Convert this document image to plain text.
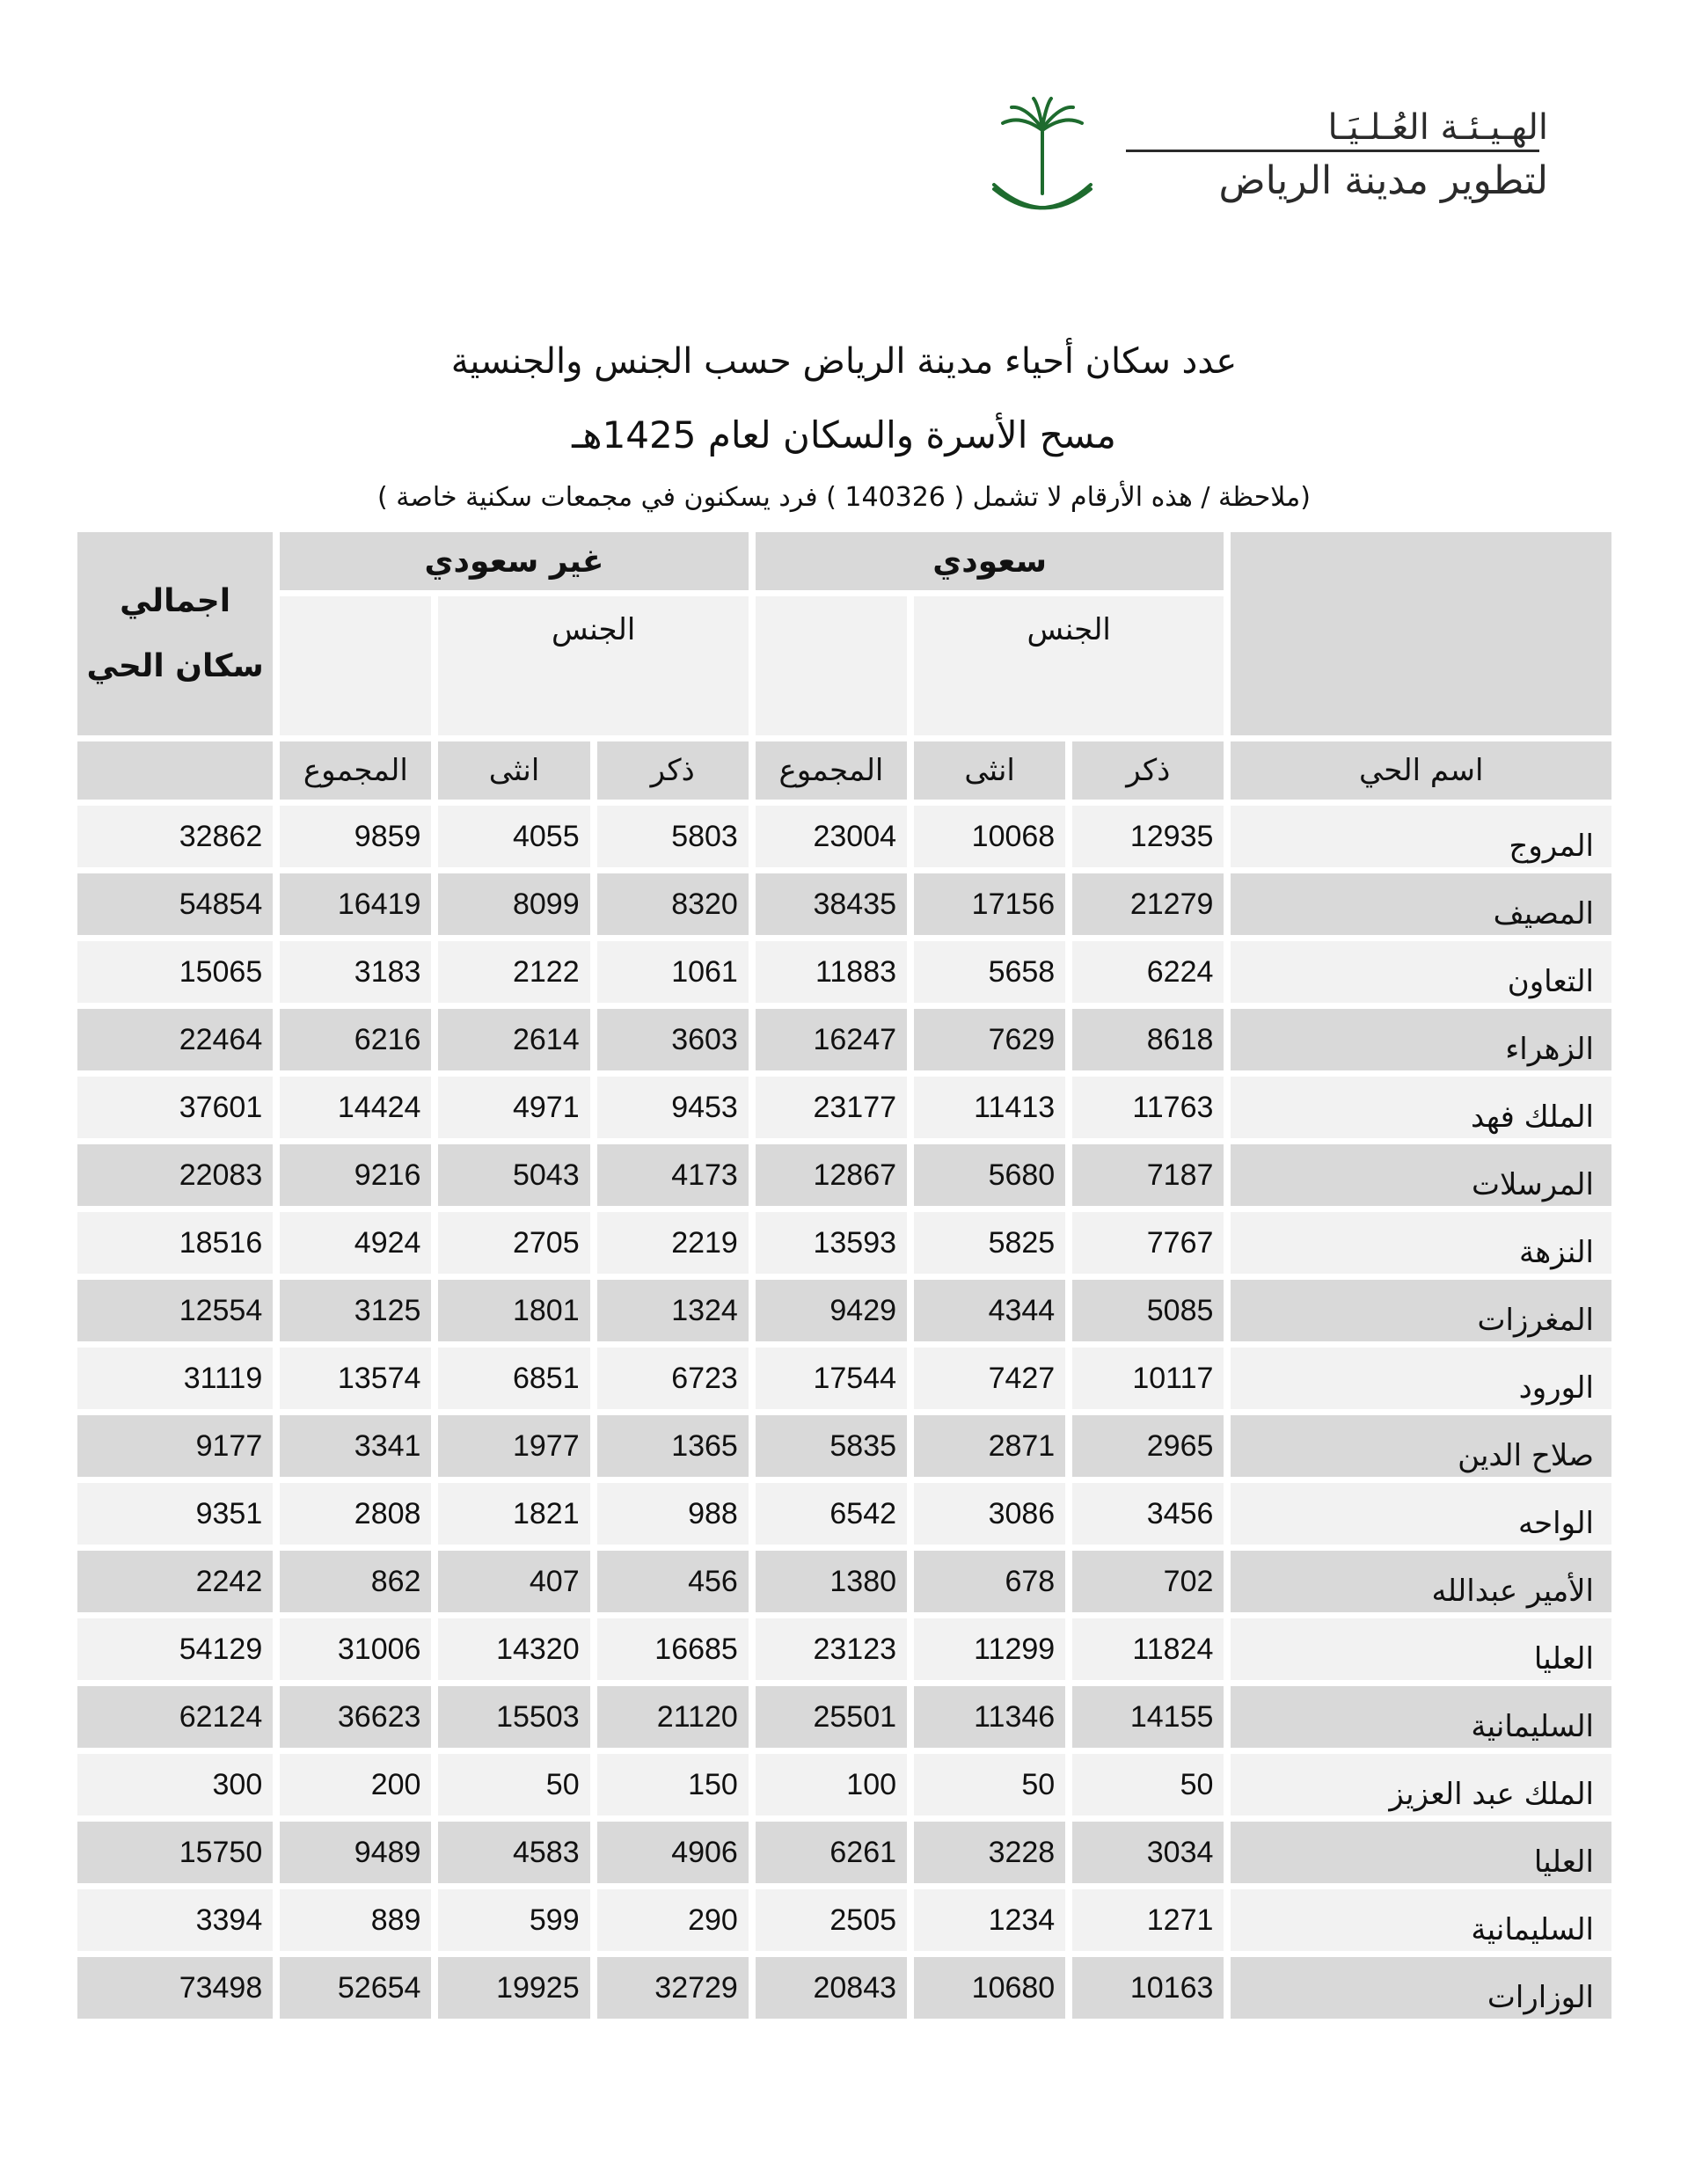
الهـيـئـة العُـلـيَـا
لتطوير مدينة الرياض
عدد سكان أحياء مدينة الرياض حسب الجنس والجنسية
مسح الأسرة والسكان لعام 1425هـ
(ملاحظة / هذه الأرقام لا تشمل ( 140326 ) فرد يسكنون في مجمعات سكنية خاصة )
اجمالي سكان الحي	غير سعودي			سعودي			
		الجنس			الجنس		
	المجموع	انثى	ذكر	المجموع	انثى	ذكر	اسم الحي
32862	9859	4055	5803	23004	10068	12935	المروج
54854	16419	8099	8320	38435	17156	21279	المصيف
15065	3183	2122	1061	11883	5658	6224	التعاون
22464	6216	2614	3603	16247	7629	8618	الزهراء
37601	14424	4971	9453	23177	11413	11763	الملك فهد
22083	9216	5043	4173	12867	5680	7187	المرسلات
18516	4924	2705	2219	13593	5825	7767	النزهة
12554	3125	1801	1324	9429	4344	5085	المغرزات
31119	13574	6851	6723	17544	7427	10117	الورود
9177	3341	1977	1365	5835	2871	2965	صلاح الدين
9351	2808	1821	988	6542	3086	3456	الواحه
2242	862	407	456	1380	678	702	الأمير عبدالله
54129	31006	14320	16685	23123	11299	11824	العليا
62124	36623	15503	21120	25501	11346	14155	السليمانية
300	200	50	150	100	50	50	الملك عبد العزيز
15750	9489	4583	4906	6261	3228	3034	العليا
3394	889	599	290	2505	1234	1271	السليمانية
73498	52654	19925	32729	20843	10680	10163	الوزارات
